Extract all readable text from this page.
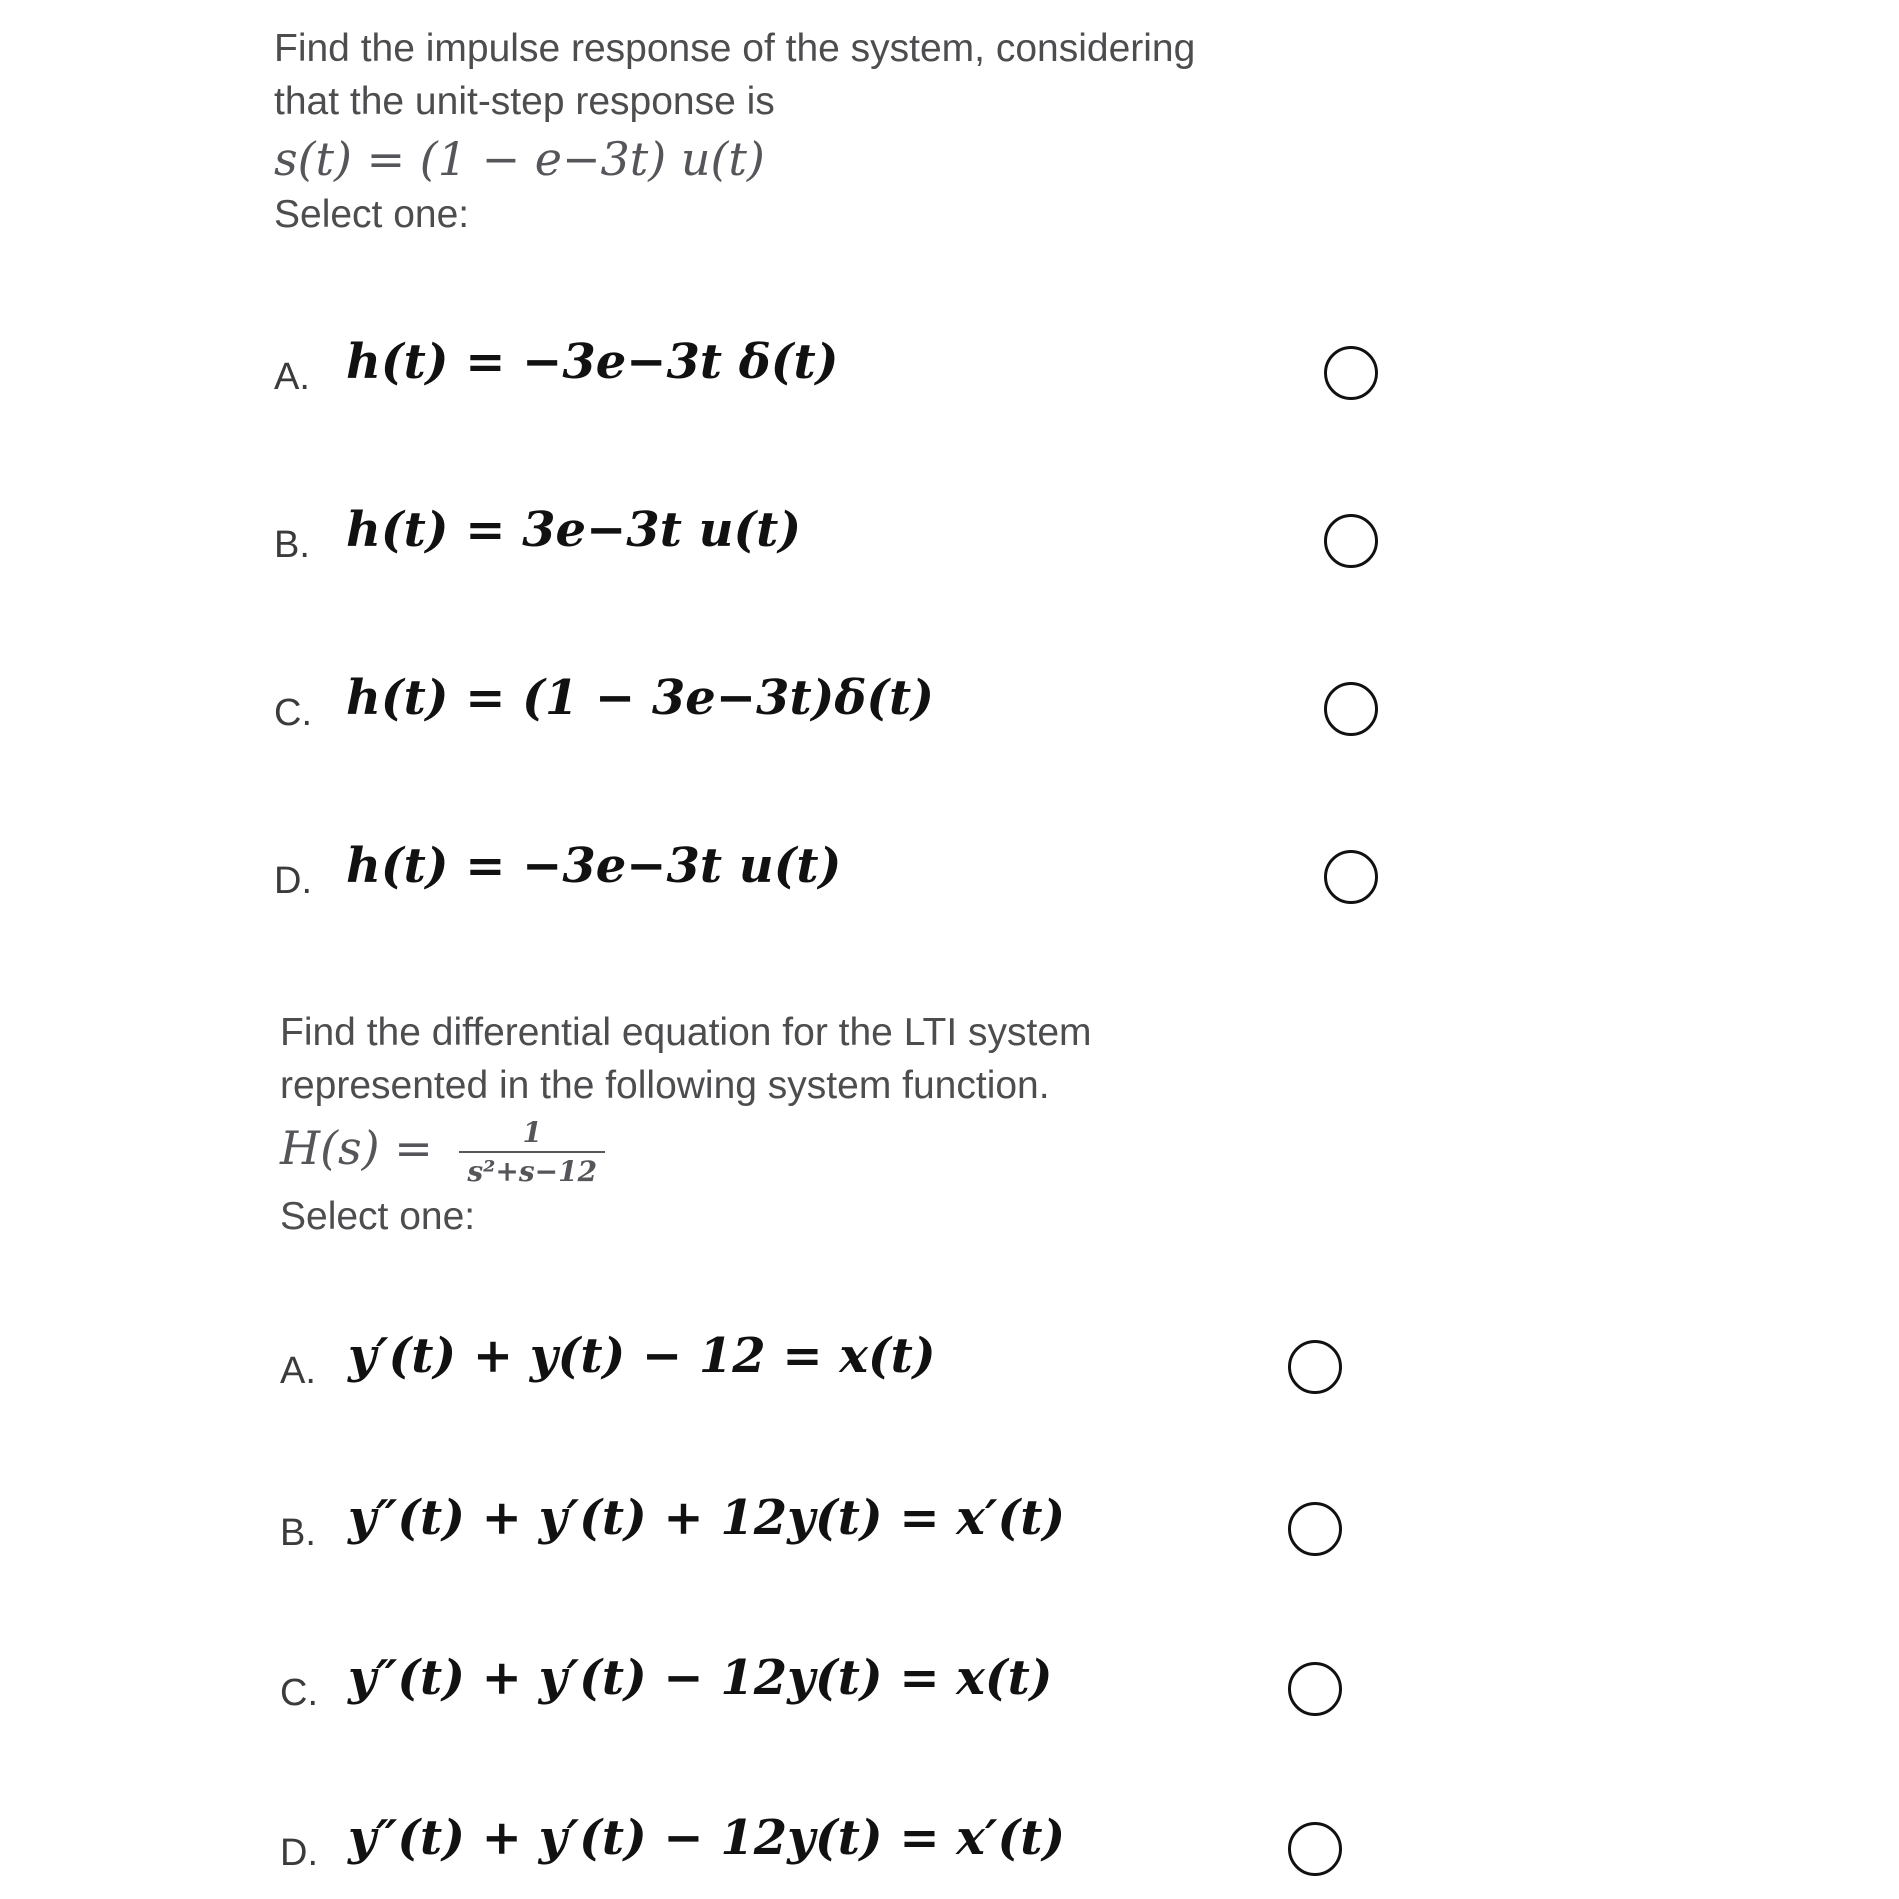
Find the impulse response of the system, considering
that the unit-step response is
s(t) = (1 − e−3t) u(t)
Select one:
A. h(t) = −3e−3t δ(t)
B. h(t) = 3e−3t u(t)
C. h(t) = (1 − 3e−3t)δ(t)
D. h(t) = −3e−3t u(t)
Find the differential equation for the LTI system
represented in the following system function.
$H(s) = \frac{1}{\text{s²+s−12}}$
Select one:
A. y′(t) + y(t) − 12 = x(t)
B. y″(t) + y′(t) + 12y(t) = x′(t)
C. y″(t) + y′(t) − 12y(t) = x(t)
D. y″(t) + y′(t) − 12y(t) = x′(t)
